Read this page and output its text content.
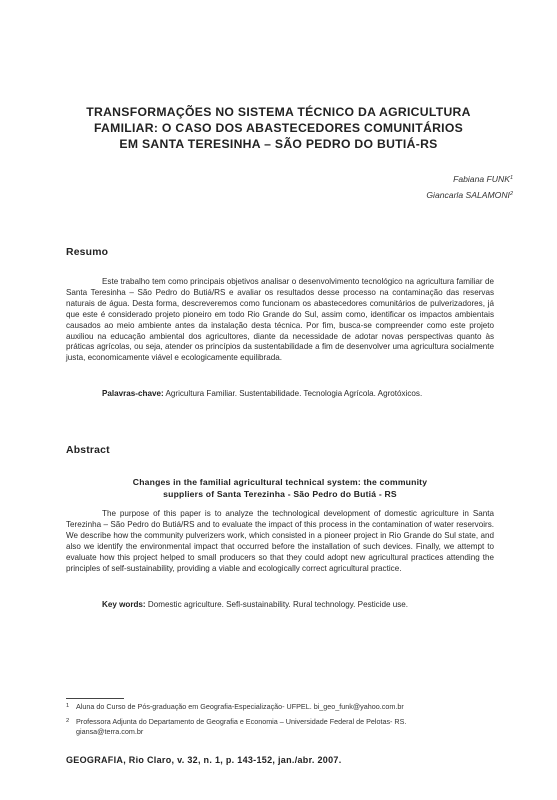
TRANSFORMAÇÕES NO SISTEMA TÉCNICO DA AGRICULTURA
FAMILIAR: O CASO DOS ABASTECEDORES COMUNITÁRIOS
EM SANTA TERESINHA – SÃO PEDRO DO BUTIÁ-RS
Fabiana FUNK$^1$
Giancarla SALAMONI$^2$
Resumo

Este trabalho tem como principais objetivos analisar o desenvolvimento tecnológico na agricultura familiar de Santa Teresinha – São Pedro do Butiá/RS e avaliar os resultados desse processo na contaminação das reservas naturais de água. Desta forma, descreveremos como funcionam os abastecedores comunitários de pulverizadores, já que este é considerado projeto pioneiro em todo Rio Grande do Sul, assim como, identificar os impactos ambientais causados ao meio ambiente antes da instalação desta técnica. Por fim, busca-se compreender como este projeto auxiliou na educação ambiental dos agricultores, diante da necessidade de adotar novas perspectivas quanto às práticas agrícolas, ou seja, atender os princípios da sustentabilidade a fim de desenvolver uma agricultura socialmente justa, economicamente viável e ecologicamente equilibrada.

Palavras-chave: Agricultura Familiar. Sustentabilidade. Tecnologia Agrícola. Agrotóxicos.
Abstract
Changes in the familial agricultural technical system: the community
suppliers of Santa Terezinha - São Pedro do Butiá - RS

The purpose of this paper is to analyze the technological development of domestic agriculture in Santa Terezinha – São Pedro do Butiá/RS and to evaluate the impact of this process in the contamination of water reservoirs. We describe how the community pulverizers work, which consisted in a pioneer project in Rio Grande do Sul state, and also we identify the environmental impact that occurred before the installation of such devices. Finally, we attempt to evaluate how this project helped to small producers so that they could adopt new agricultural practices attending the principles of self-sustainability, providing a viable and ecologically correct agricultural practice.

Key words: Domestic agriculture. Sefl-sustainability. Rural technology. Pesticide use.
1 Aluna do Curso de Pós-graduação em Geografia-Especialização- UFPEL. bi_geo_funk@yahoo.com.br
2 Professora Adjunta do Departamento de Geografia e Economia – Universidade Federal de Pelotas- RS.
giansa@terra.com.br
GEOGRAFIA, Rio Claro, v. 32, n. 1, p. 143-152, jan./abr. 2007.
